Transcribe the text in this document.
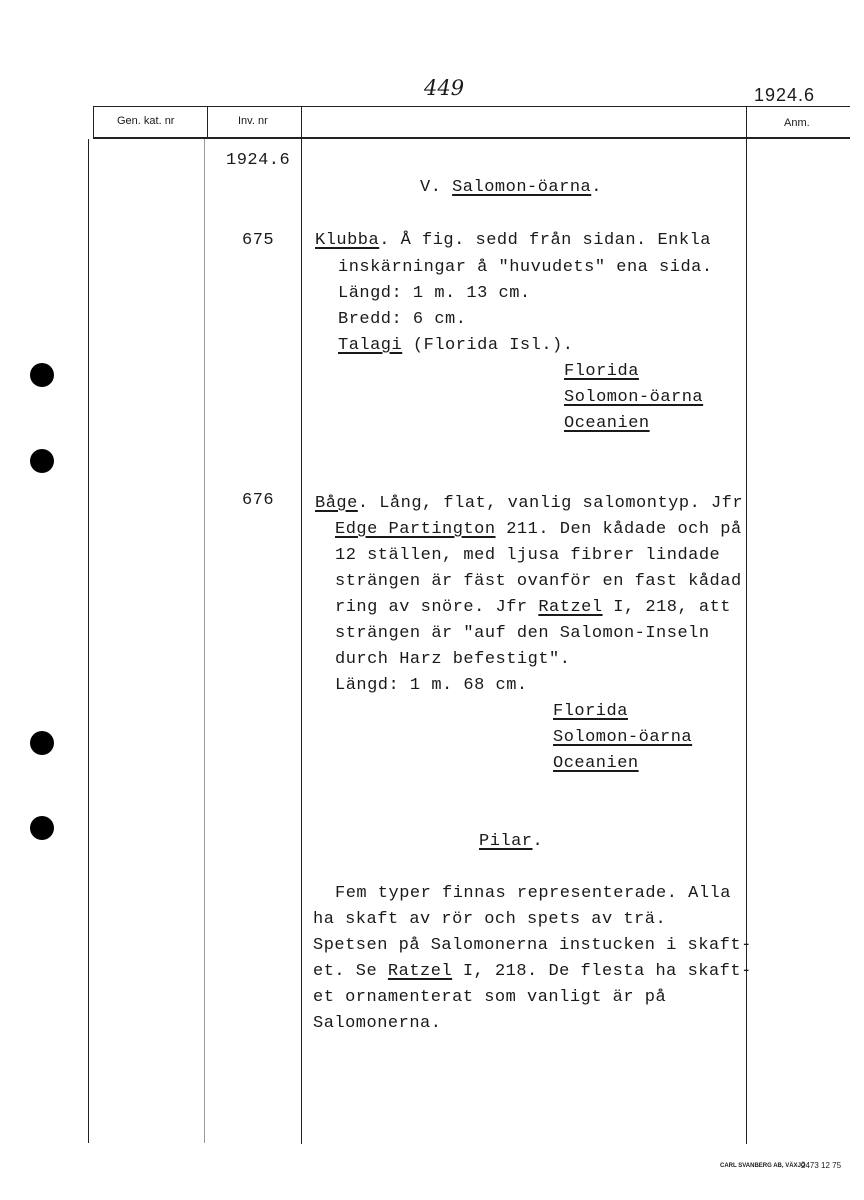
449	1924.6
Gen. kat. nr	Inv. nr	Anm.
1924.6
V. Salomon-öarna.
675 Klubba. Å fig. sedd från sidan. Enkla
inskärningar å "huvudets" ena sida.
Längd: 1 m. 13 cm.
Bredd: 6 cm.
Talagi (Florida Isl.).
Florida
Solomon-öarna
Oceanien
676 Båge. Lång, flat, vanlig salomontyp. Jfr
Edge Partington 211. Den kådade och på
12 ställen, med ljusa fibrer lindade
strängen är fäst ovanför en fast kådad
ring av snöre. Jfr Ratzel I, 218, att
strängen är "auf den Salomon-Inseln
durch Harz befestigt".
Längd: 1 m. 68 cm.
Florida
Solomon-öarna
Oceanien
Pilar.
Fem typer finnas representerade. Alla
ha skaft av rör och spets av trä.
Spetsen på Salomonerna instucken i skaft-
et. Se Ratzel I, 218. De flesta ha skaft-
et ornamenterat som vanligt är på
Salomonerna.
CARL SVANBERG AB, VÄXJÖ
2473 12 75
